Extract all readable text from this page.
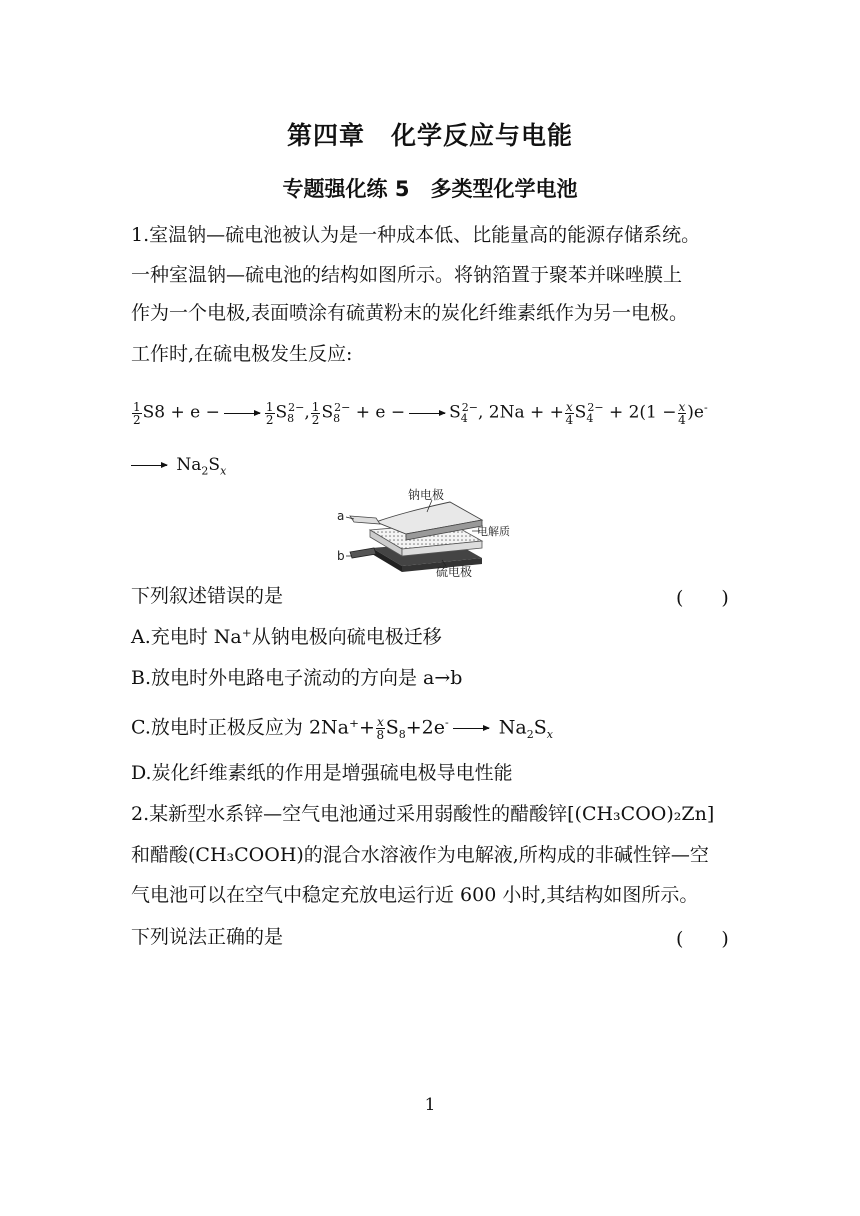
第四章　化学反应与电能
专题强化练 5　多类型化学电池
1.室温钠—硫电池被认为是一种成本低、比能量高的能源存储系统。
一种室温钠—硫电池的结构如图所示。将钠箔置于聚苯并咪唑膜上
作为一个电极,表面喷涂有硫黄粉末的炭化纤维素纸作为另一电极。
工作时,在硫电极发生反应:
$\frac{1}{2} S8 + e$ −	$\frac{1}{2} S_8^{2-}$, $\frac{1}{2} S_8^{2-} + e$ −	$S_4^{2-}$, 2Na + + $\frac{x}{4} S_4^{2-} + 2(1 - \frac{x}{4} )e^-$
$Na_2S_x$
a
b
钠电极
电解质
硫电极
下列叙述错误的是	(　　)
A.充电时 Na⁺从钠电极向硫电极迁移
B.放电时外电路电子流动的方向是 a→b
C.放电时正极反应为 $2Na^++ \frac{x}{8} S_8+2e^-$ $Na_2S_x$
D.炭化纤维素纸的作用是增强硫电极导电性能
2.某新型水系锌—空气电池通过采用弱酸性的醋酸锌[(CH₃COO)₂Zn]
和醋酸(CH₃COOH)的混合水溶液作为电解液,所构成的非碱性锌—空
气电池可以在空气中稳定充放电运行近 600 小时,其结构如图所示。
下列说法正确的是	(　　)
1
